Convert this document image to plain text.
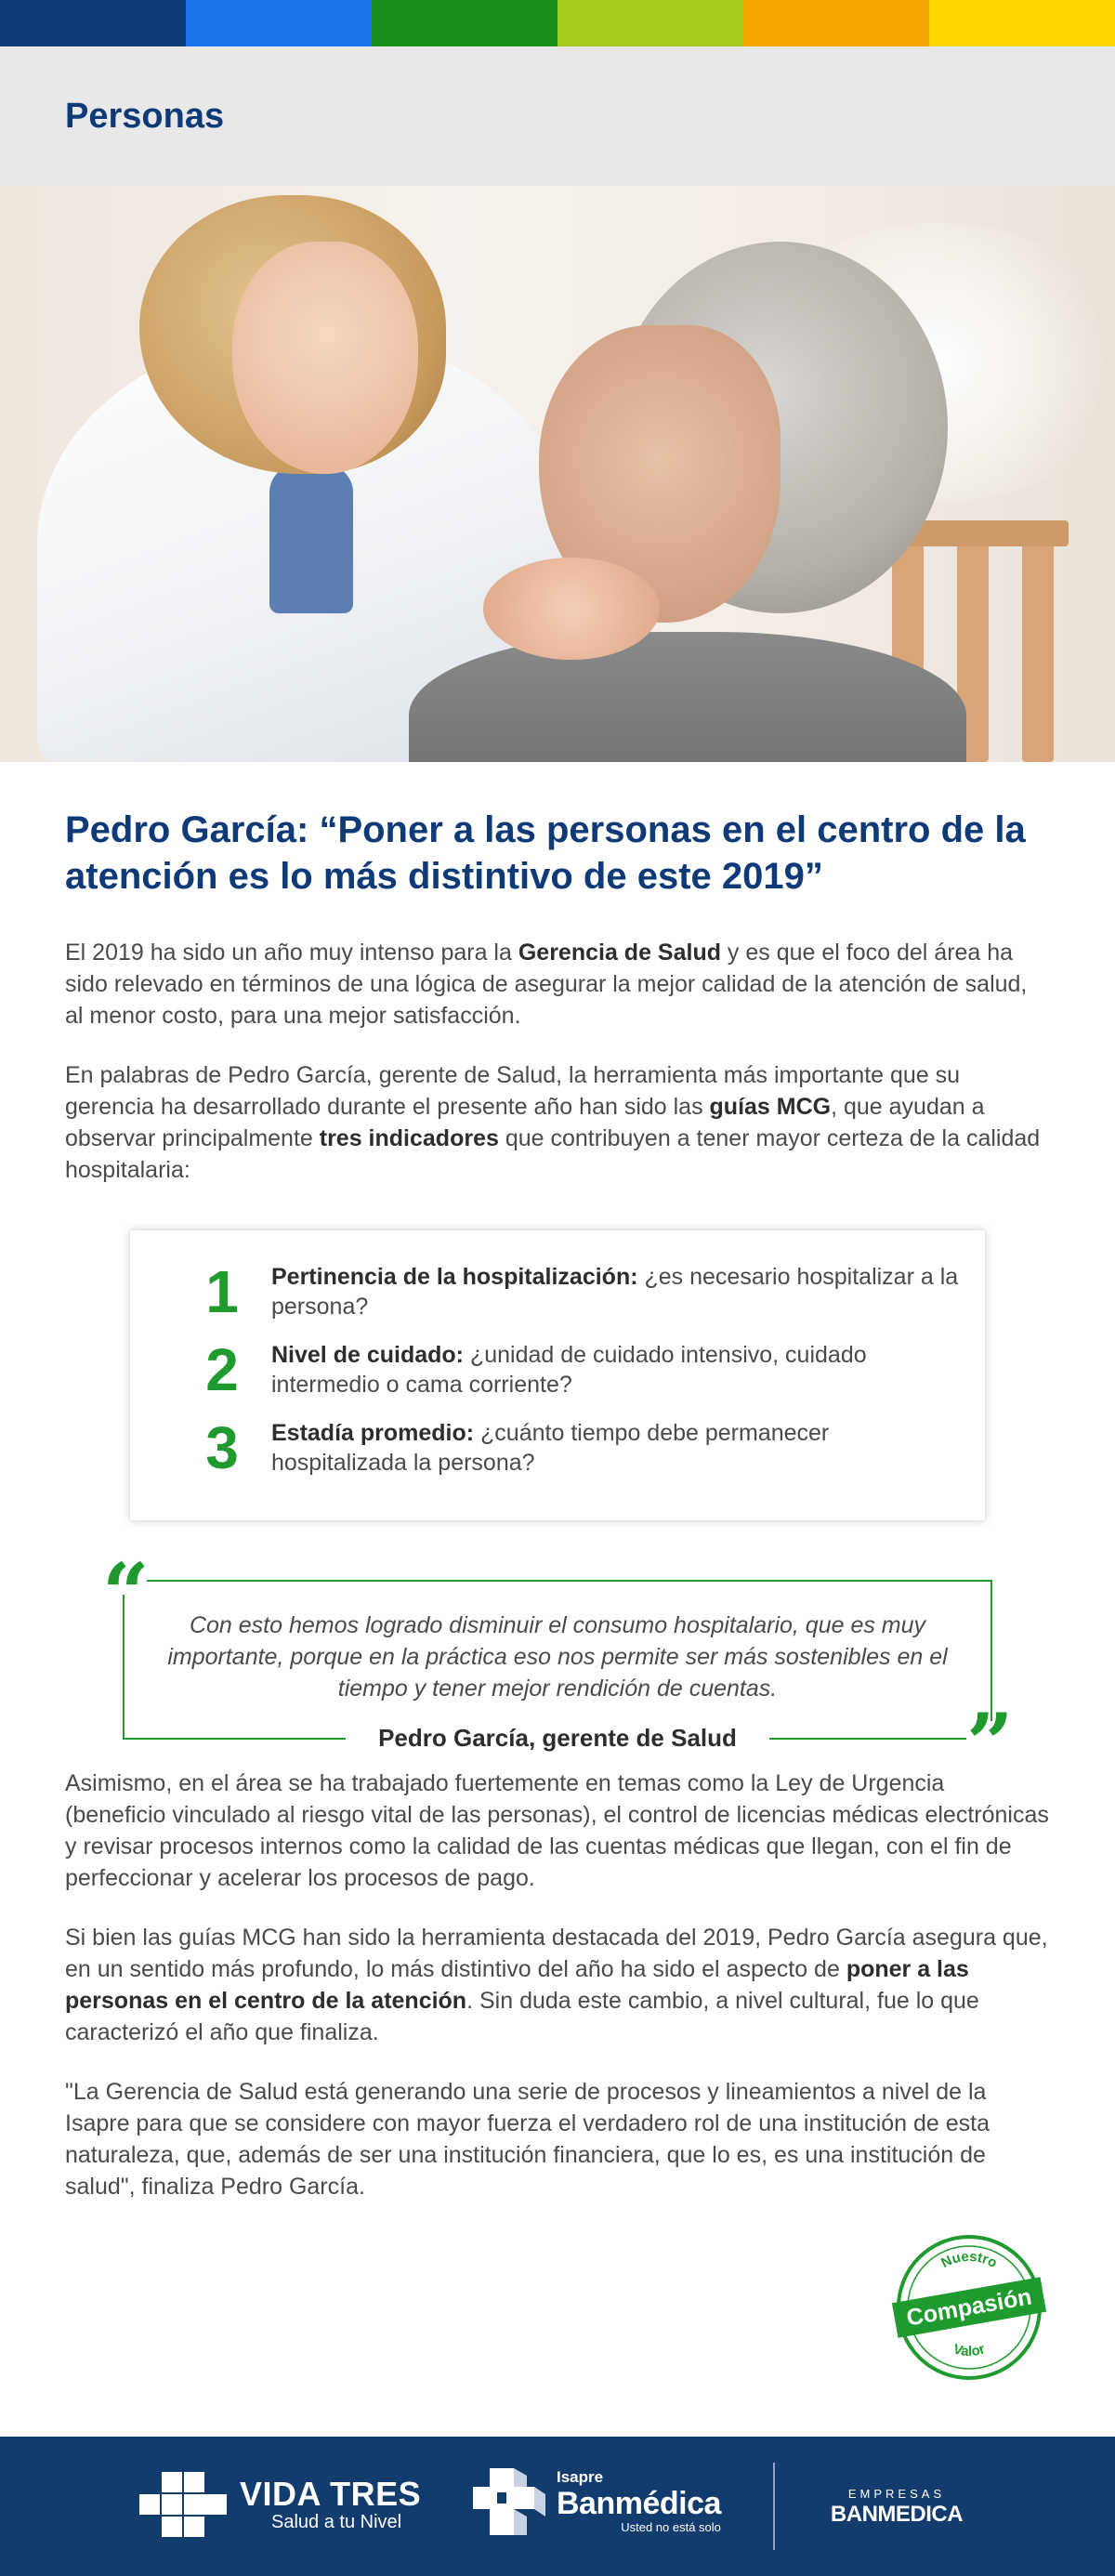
Personas
Pedro García: “Poner a las personas en el centro de la atención es lo más distintivo de este 2019”

El 2019 ha sido un año muy intenso para la Gerencia de Salud y es que el foco del área ha sido relevado en términos de una lógica de asegurar la mejor calidad de la atención de salud, al menor costo, para una mejor satisfacción.

En palabras de Pedro García, gerente de Salud, la herramienta más importante que su gerencia ha desarrollado durante el presente año han sido las guías MCG, que ayudan a observar principalmente tres indicadores que contribuyen a tener mayor certeza de la calidad hospitalaria:

1	Pertinencia de la hospitalización: ¿es necesario hospitalizar a la persona?
2	Nivel de cuidado: ¿unidad de cuidado intensivo, cuidado intermedio o cama corriente?
3	Estadía promedio: ¿cuánto tiempo debe permanecer hospitalizada la persona?
“
”
Con esto hemos logrado disminuir el consumo hospitalario, que es muy importante, porque en la práctica eso nos permite ser más sostenibles en el tiempo y tener mejor rendición de cuentas.
Pedro García, gerente de Salud

Asimismo, en el área se ha trabajado fuertemente en temas como la Ley de Urgencia (beneficio vinculado al riesgo vital de las personas), el control de licencias médicas electrónicas y revisar procesos internos como la calidad de las cuentas médicas que llegan, con el fin de perfeccionar y acelerar los procesos de pago.

Si bien las guías MCG han sido la herramienta destacada del 2019, Pedro García asegura que, en un sentido más profundo, lo más distintivo del año ha sido el aspecto de poner a las personas en el centro de la atención. Sin duda este cambio, a nivel cultural, fue lo que caracterizó el año que finaliza.

"La Gerencia de Salud está generando una serie de procesos y lineamientos a nivel de la Isapre para que se considere con mayor fuerza el verdadero rol de una institución de esta naturaleza, que, además de ser una institución financiera, que lo es, es una institución de salud", finaliza Pedro García.

Nuestro
Valor
Compasión
VIDA TRES
Salud a tu Nivel
Isapre
Banmédica
Usted no está solo
EMPRESAS
BANMEDICA
